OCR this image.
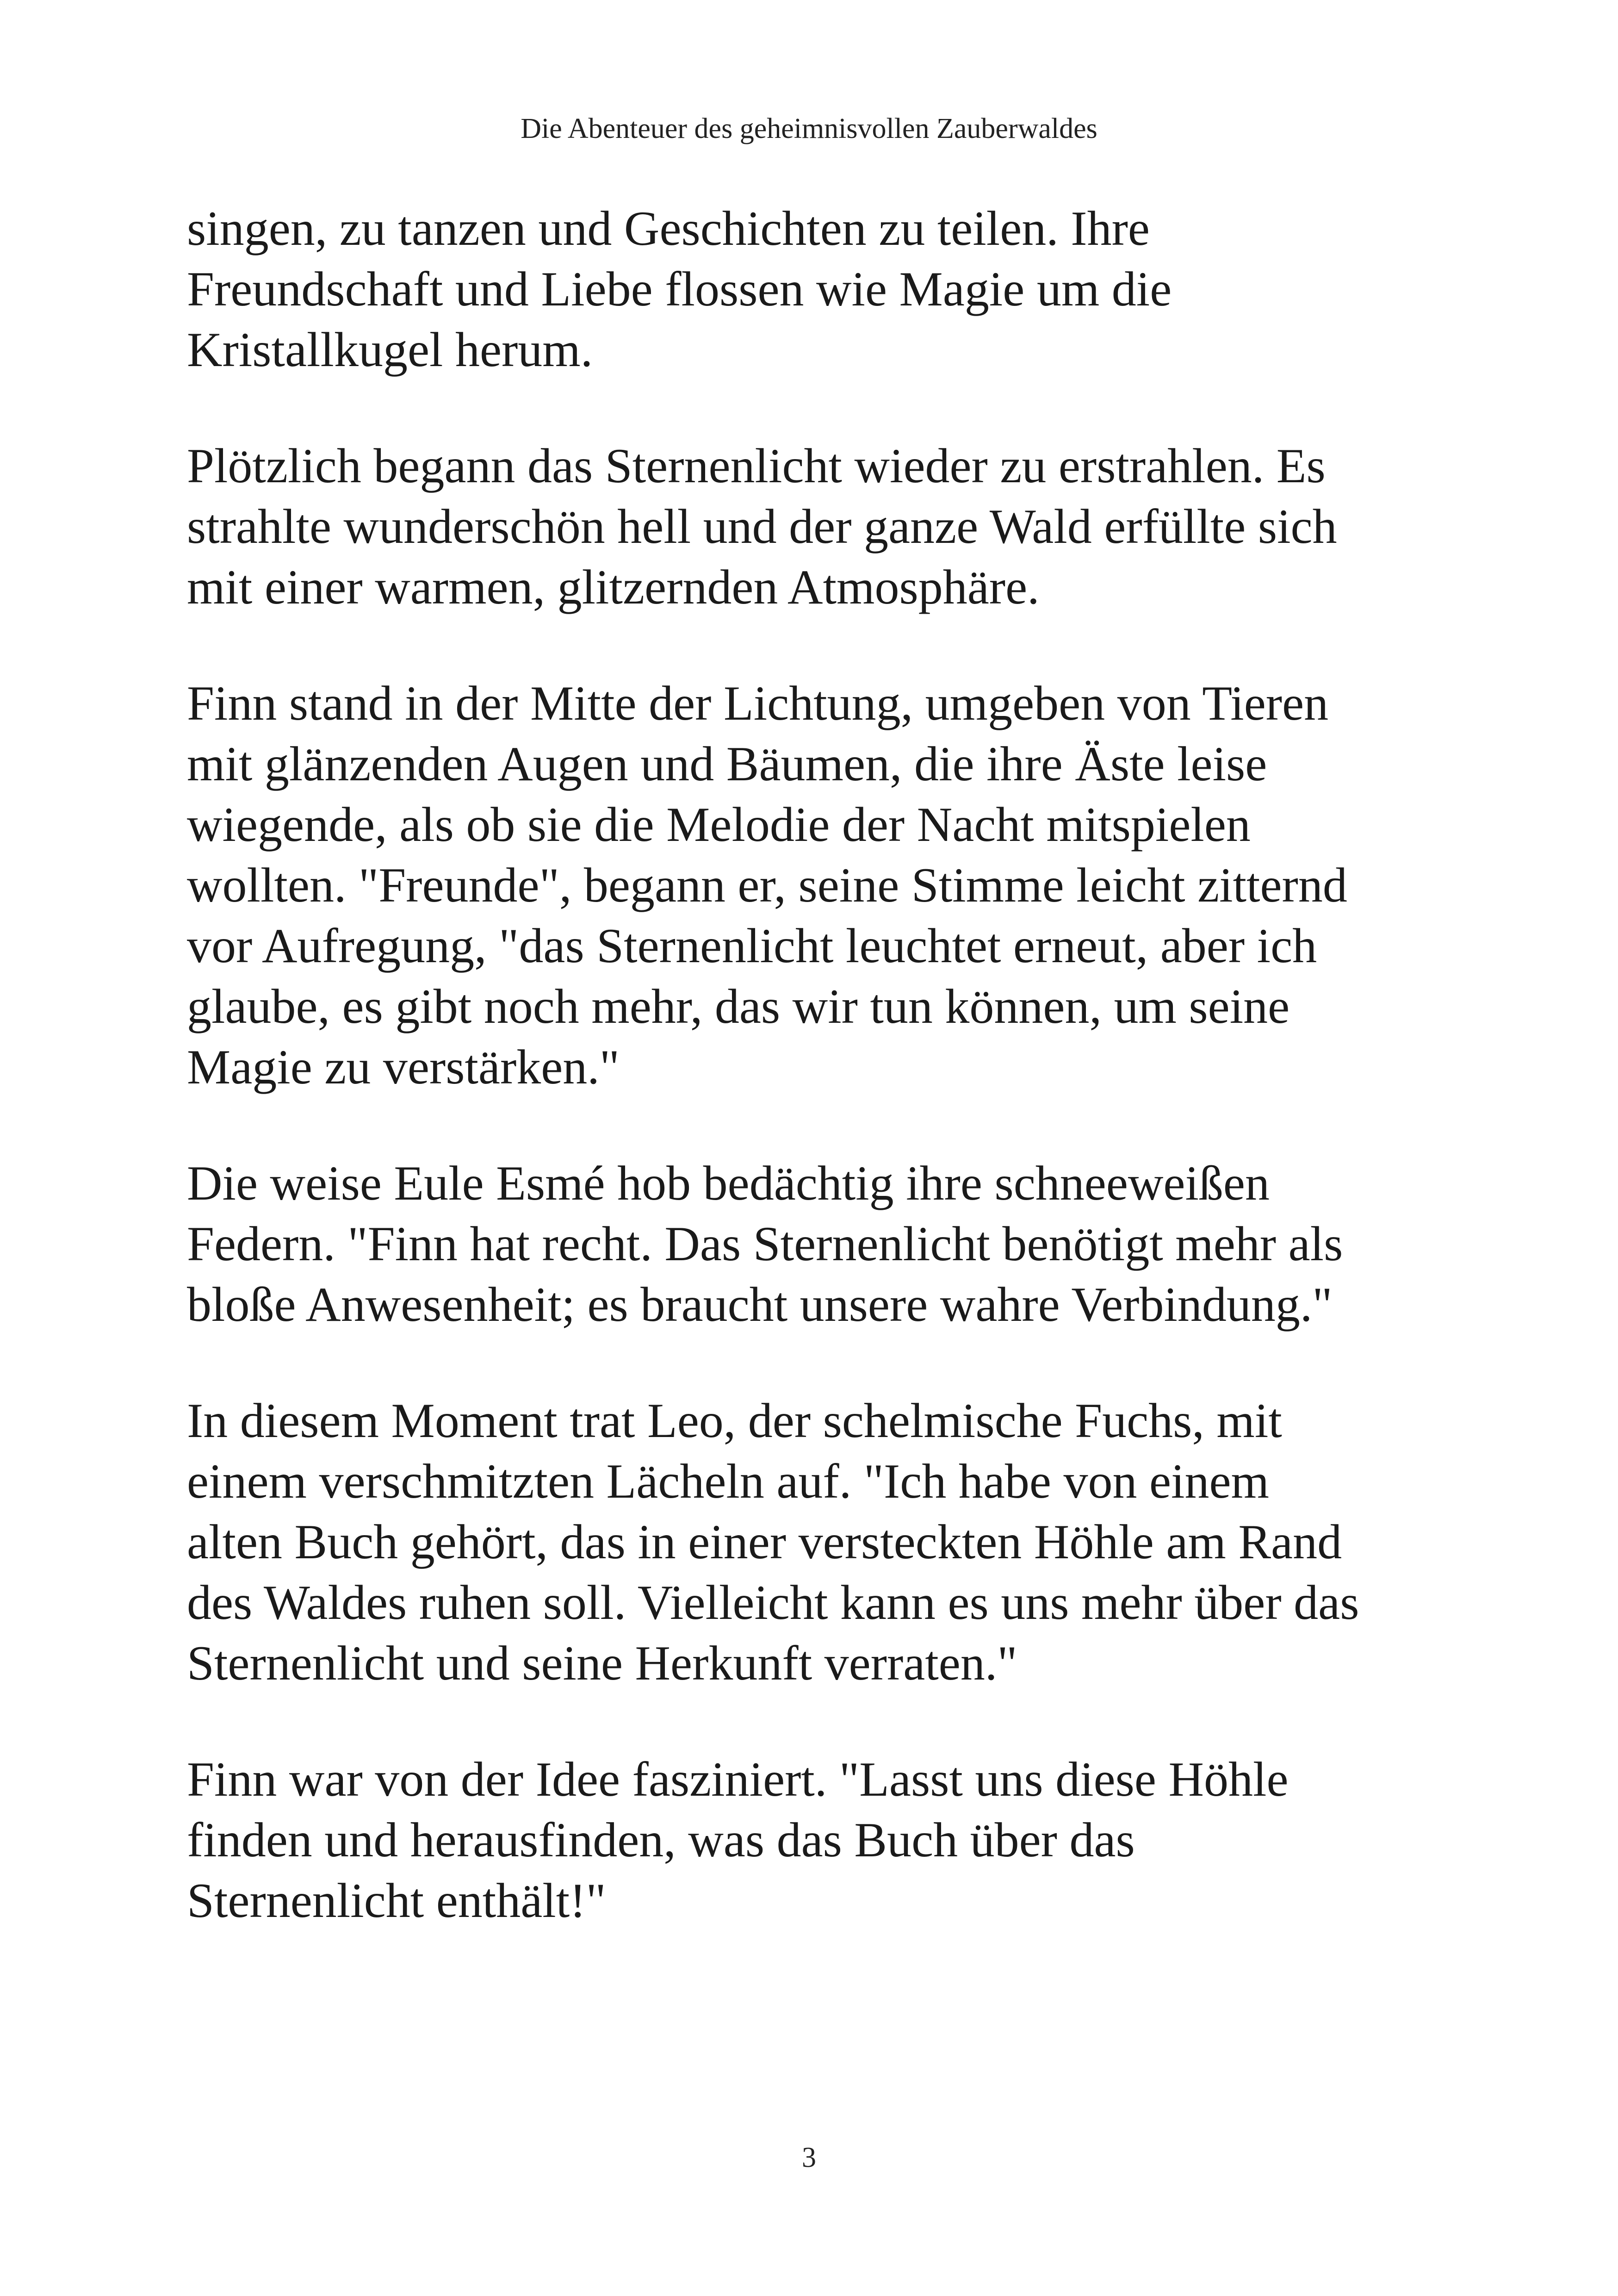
Die Abenteuer des geheimnisvollen Zauberwaldes

singen, zu tanzen und Geschichten zu teilen. Ihre
Freundschaft und Liebe flossen wie Magie um die
Kristallkugel herum.

Plötzlich begann das Sternenlicht wieder zu erstrahlen. Es
strahlte wunderschön hell und der ganze Wald erfüllte sich
mit einer warmen, glitzernden Atmosphäre.

Finn stand in der Mitte der Lichtung, umgeben von Tieren
mit glänzenden Augen und Bäumen, die ihre Äste leise
wiegende, als ob sie die Melodie der Nacht mitspielen
wollten. "Freunde", begann er, seine Stimme leicht zitternd
vor Aufregung, "das Sternenlicht leuchtet erneut, aber ich
glaube, es gibt noch mehr, das wir tun können, um seine
Magie zu verstärken."

Die weise Eule Esmé hob bedächtig ihre schneeweißen
Federn. "Finn hat recht. Das Sternenlicht benötigt mehr als
bloße Anwesenheit; es braucht unsere wahre Verbindung."

In diesem Moment trat Leo, der schelmische Fuchs, mit
einem verschmitzten Lächeln auf. "Ich habe von einem
alten Buch gehört, das in einer versteckten Höhle am Rand
des Waldes ruhen soll. Vielleicht kann es uns mehr über das
Sternenlicht und seine Herkunft verraten."

Finn war von der Idee fasziniert. "Lasst uns diese Höhle
finden und herausfinden, was das Buch über das
Sternenlicht enthält!"

3
